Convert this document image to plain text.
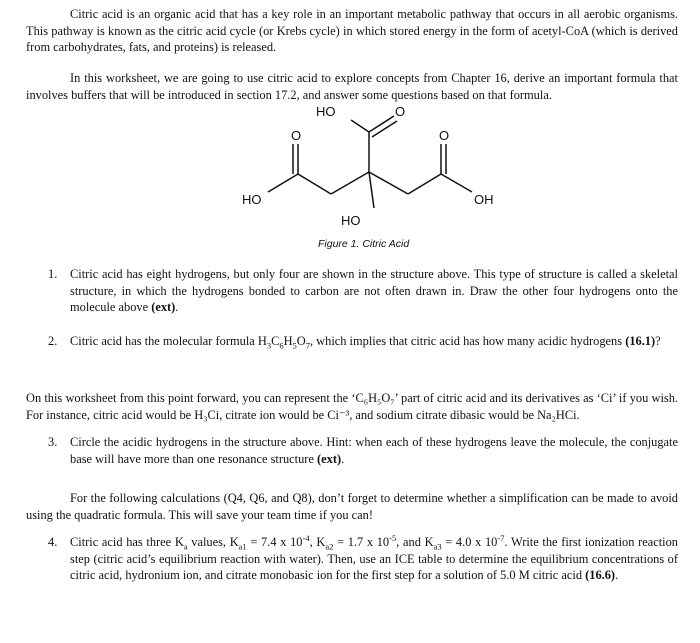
Citric acid is an organic acid that has a key role in an important metabolic pathway that occurs in all aerobic organisms. This pathway is known as the citric acid cycle (or Krebs cycle) in which stored energy in the form of acetyl-CoA (which is derived from carbohydrates, fats, and proteins) is released.
In this worksheet, we are going to use citric acid to explore concepts from Chapter 16, derive an important formula that involves buffers that will be introduced in section 17.2, and answer some questions based on that formula.
HO	O
O	O
HO	OH
HO
Figure 1. Citric Acid
1.	Citric acid has eight hydrogens, but only four are shown in the structure above. This type of structure is called a skeletal structure, in which the hydrogens bonded to carbon are not often drawn in. Draw the other four hydrogens onto the molecule above (ext).
2.	Citric acid has the molecular formula $H_3C_6H_5O_7$, which implies that citric acid has how many acidic hydrogens (16.1)?
On this worksheet from this point forward, you can represent the ‘C₆H₅O₇’ part of citric acid and its derivatives as ‘Ci’ if you wish. For instance, citric acid would be H₃Ci, citrate ion would be Ci⁻³, and sodium citrate dibasic would be Na₂HCi.
3.	Circle the acidic hydrogens in the structure above. Hint: when each of these hydrogens leave the molecule, the conjugate base will have more than one resonance structure (ext).
For the following calculations (Q4, Q6, and Q8), don’t forget to determine whether a simplification can be made to avoid using the quadratic formula. This will save your team time if you can!
4.	Citric acid has three $K_a$ values, $K_{a1} = 7.4$ x $10^{-4}$, $K_{a2} = 1.7$ x $10^{-5}$, and $K_{a3} = 4.0$ x $10^{-7}$. Write the first ionization reaction step (citric acid’s equilibrium reaction with water). Then, use an ICE table to determine the equilibrium concentrations of citric acid, hydronium ion, and citrate monobasic ion for the first step for a solution of 5.0 M citric acid (16.6).
